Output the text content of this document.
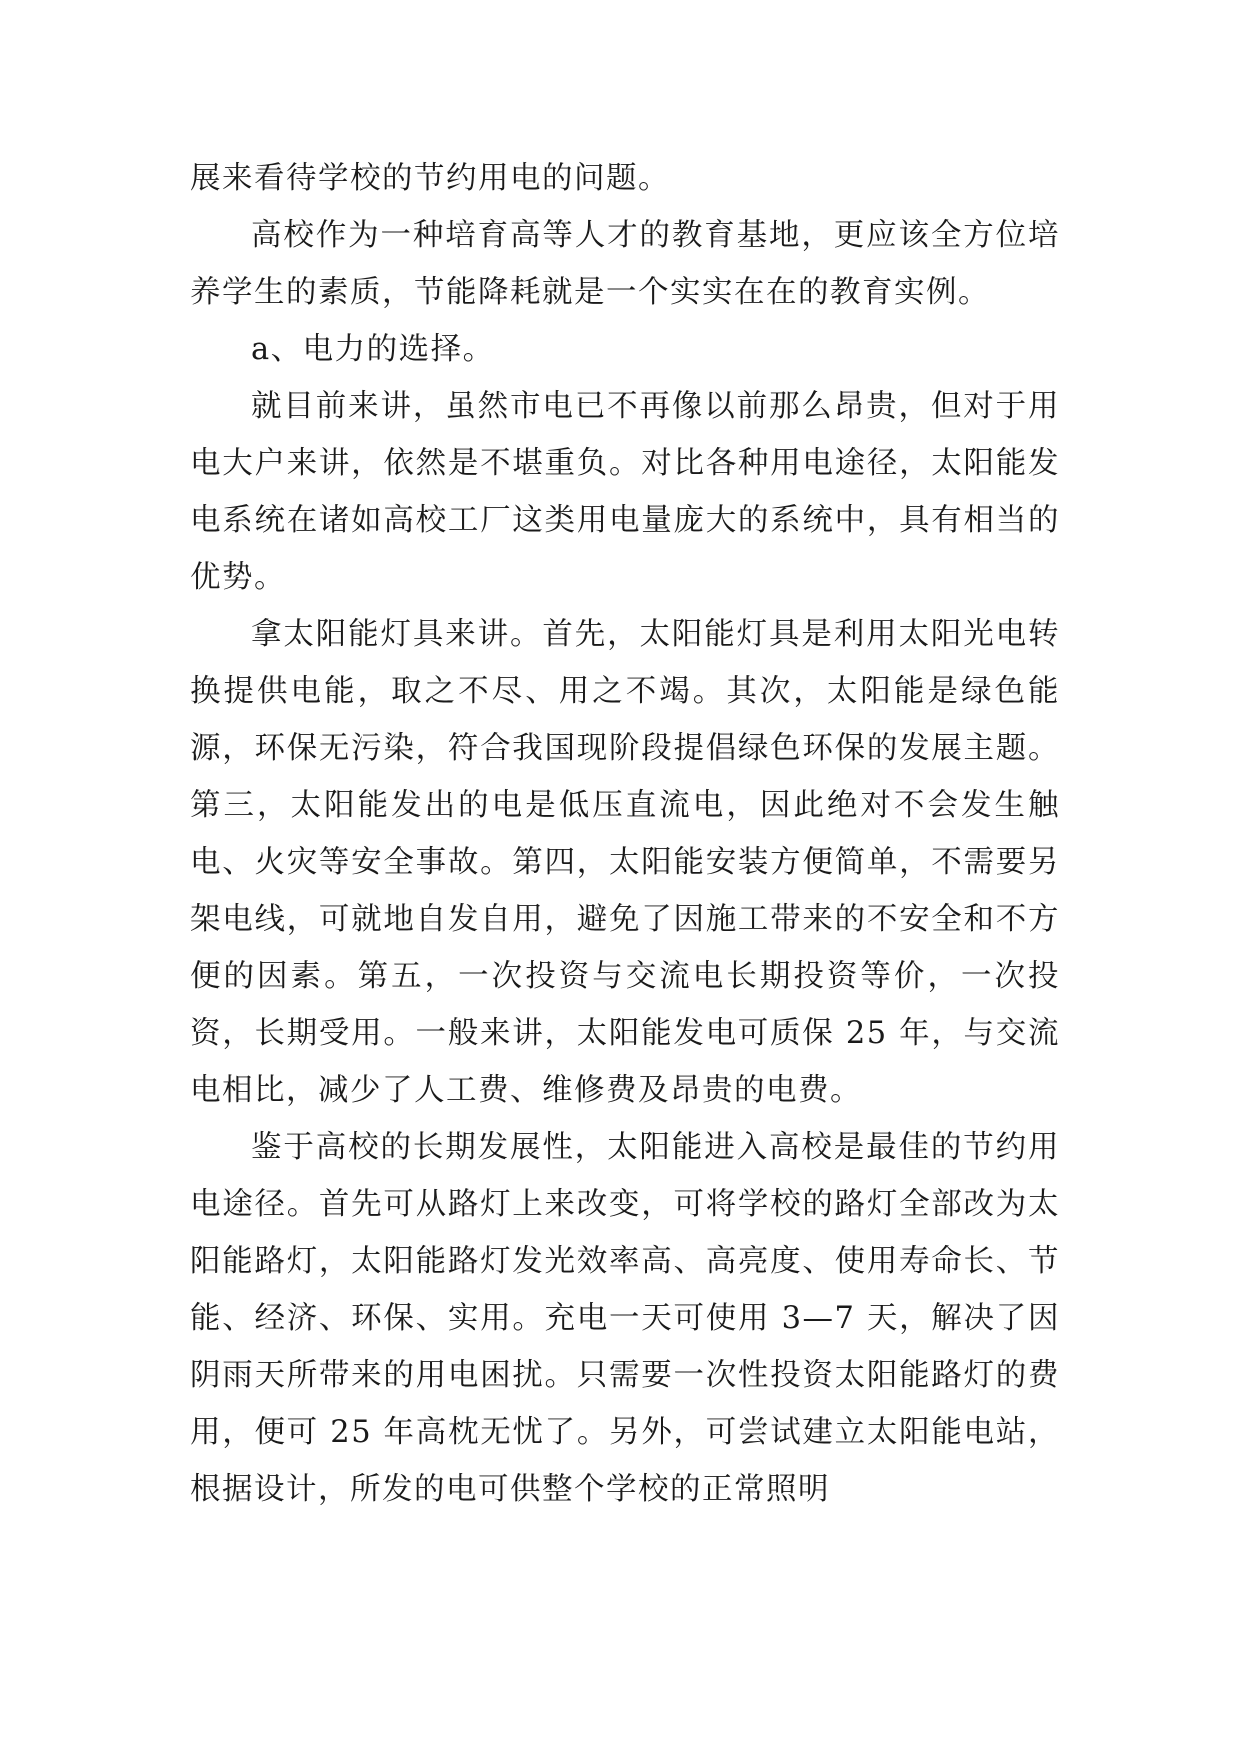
展来看待学校的节约用电的问题。

高校作为一种培育高等人才的教育基地，更应该全方位培养学生的素质，节能降耗就是一个实实在在的教育实例。

a、电力的选择。

就目前来讲，虽然市电已不再像以前那么昂贵，但对于用电大户来讲，依然是不堪重负。对比各种用电途径，太阳能发电系统在诸如高校工厂这类用电量庞大的系统中，具有相当的优势。

拿太阳能灯具来讲。首先，太阳能灯具是利用太阳光电转换提供电能，取之不尽、用之不竭。其次，太阳能是绿色能源，环保无污染，符合我国现阶段提倡绿色环保的发展主题。第三，太阳能发出的电是低压直流电，因此绝对不会发生触电、火灾等安全事故。第四，太阳能安装方便简单，不需要另架电线，可就地自发自用，避免了因施工带来的不安全和不方便的因素。第五，一次投资与交流电长期投资等价，一次投资，长期受用。一般来讲，太阳能发电可质保 25 年，与交流电相比，减少了人工费、维修费及昂贵的电费。

鉴于高校的长期发展性，太阳能进入高校是最佳的节约用电途径。首先可从路灯上来改变，可将学校的路灯全部改为太阳能路灯，太阳能路灯发光效率高、高亮度、使用寿命长、节能、经济、环保、实用。充电一天可使用 3—7 天，解决了因阴雨天所带来的用电困扰。只需要一次性投资太阳能路灯的费用，便可 25 年高枕无忧了。另外，可尝试建立太阳能电站，根据设计，所发的电可供整个学校的正常照明
